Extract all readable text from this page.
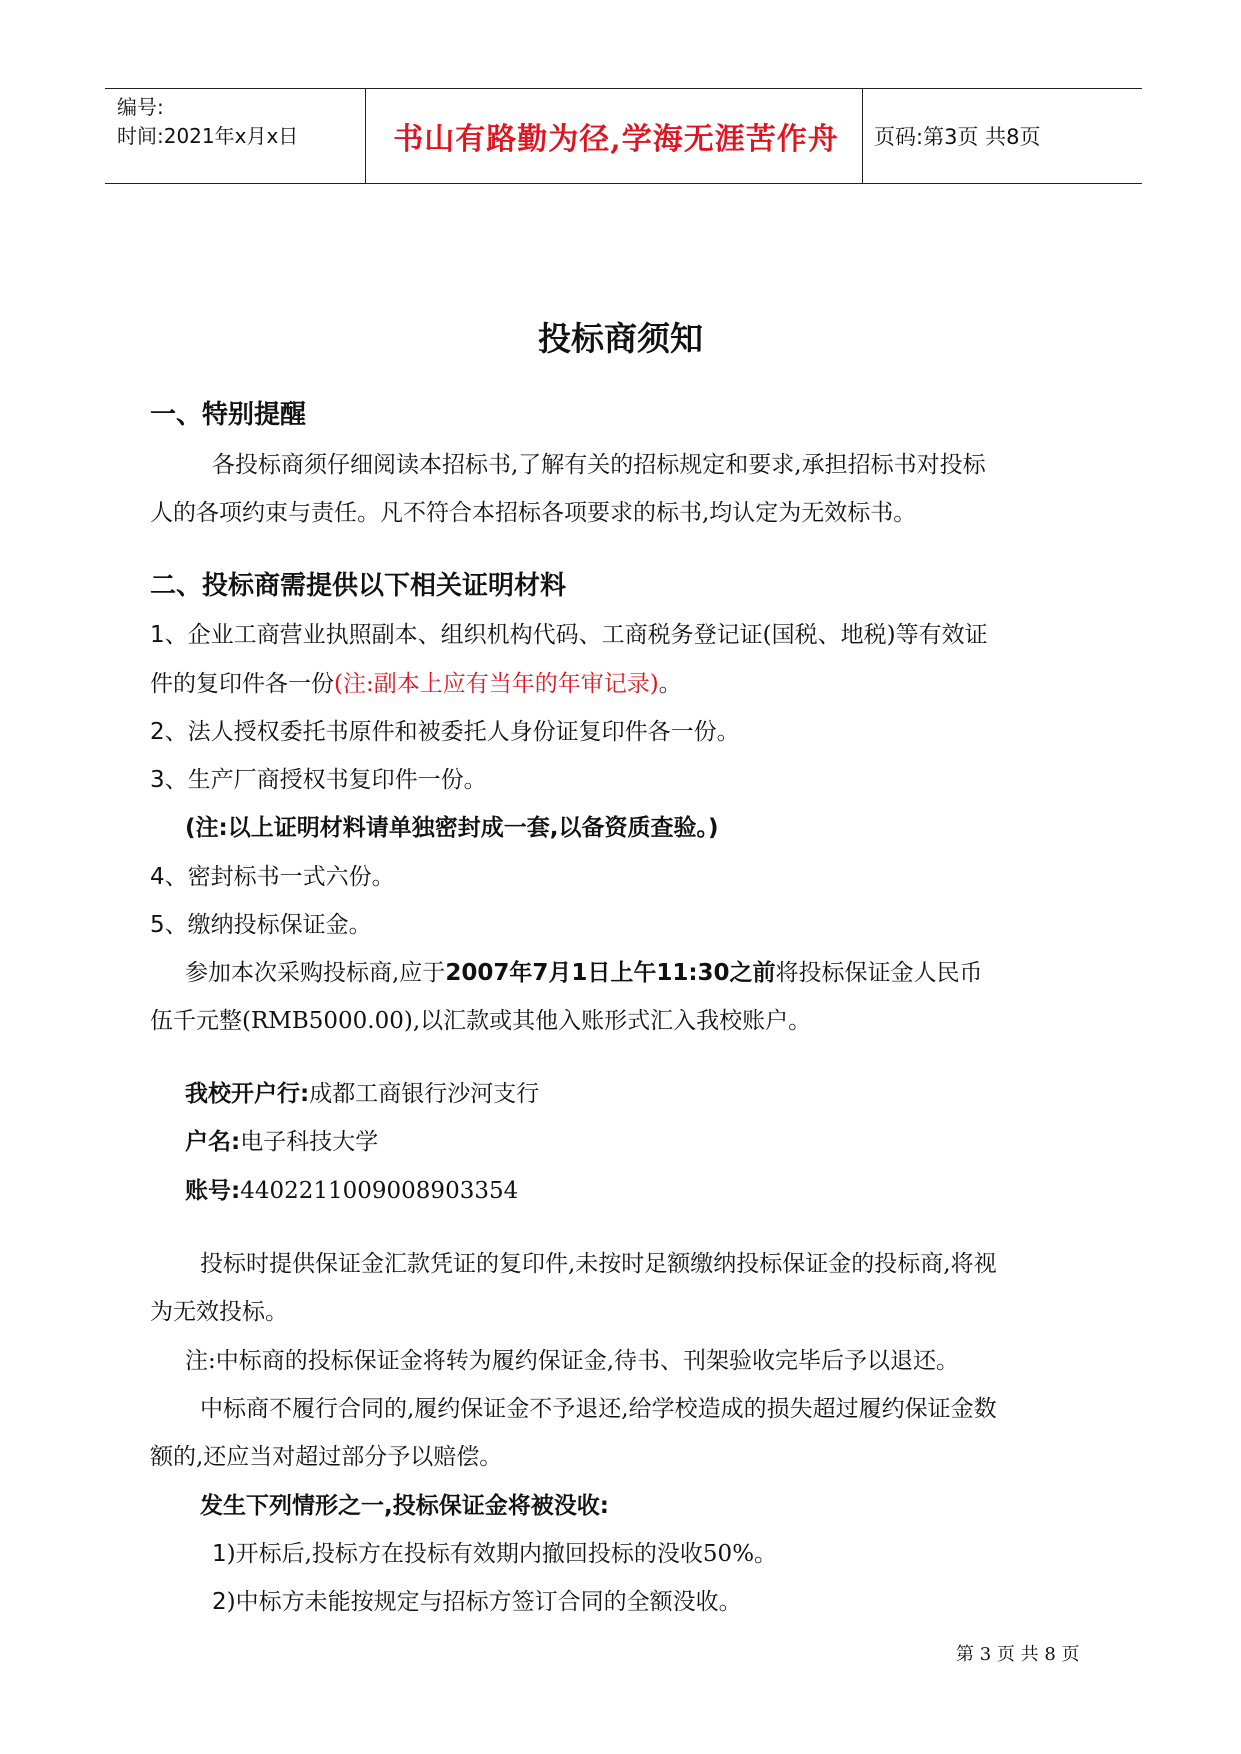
编号:
时间:2021年x月x日	书山有路勤为径,学海无涯苦作舟	页码:第3页 共8页
投标商须知
一、特别提醒
各投标商须仔细阅读本招标书,了解有关的招标规定和要求,承担招标书对投标
人的各项约束与责任。凡不符合本招标各项要求的标书,均认定为无效标书。
二、投标商需提供以下相关证明材料
1、企业工商营业执照副本、组织机构代码、工商税务登记证(国税、地税)等有效证
件的复印件各一份(注:副本上应有当年的年审记录)。
2、法人授权委托书原件和被委托人身份证复印件各一份。
3、生产厂商授权书复印件一份。
(注:以上证明材料请单独密封成一套,以备资质查验。)
4、密封标书一式六份。
5、缴纳投标保证金。
参加本次采购投标商,应于2007年7月1日上午11:30之前将投标保证金人民币
伍千元整(RMB5000.00),以汇款或其他入账形式汇入我校账户。
我校开户行:成都工商银行沙河支行
户名:电子科技大学
账号:4402211009008903354
投标时提供保证金汇款凭证的复印件,未按时足额缴纳投标保证金的投标商,将视
为无效投标。
注:中标商的投标保证金将转为履约保证金,待书、刊架验收完毕后予以退还。
中标商不履行合同的,履约保证金不予退还,给学校造成的损失超过履约保证金数
额的,还应当对超过部分予以赔偿。
发生下列情形之一,投标保证金将被没收:
1)开标后,投标方在投标有效期内撤回投标的没收50%。
2)中标方未能按规定与招标方签订合同的全额没收。
第 3 页 共 8 页
